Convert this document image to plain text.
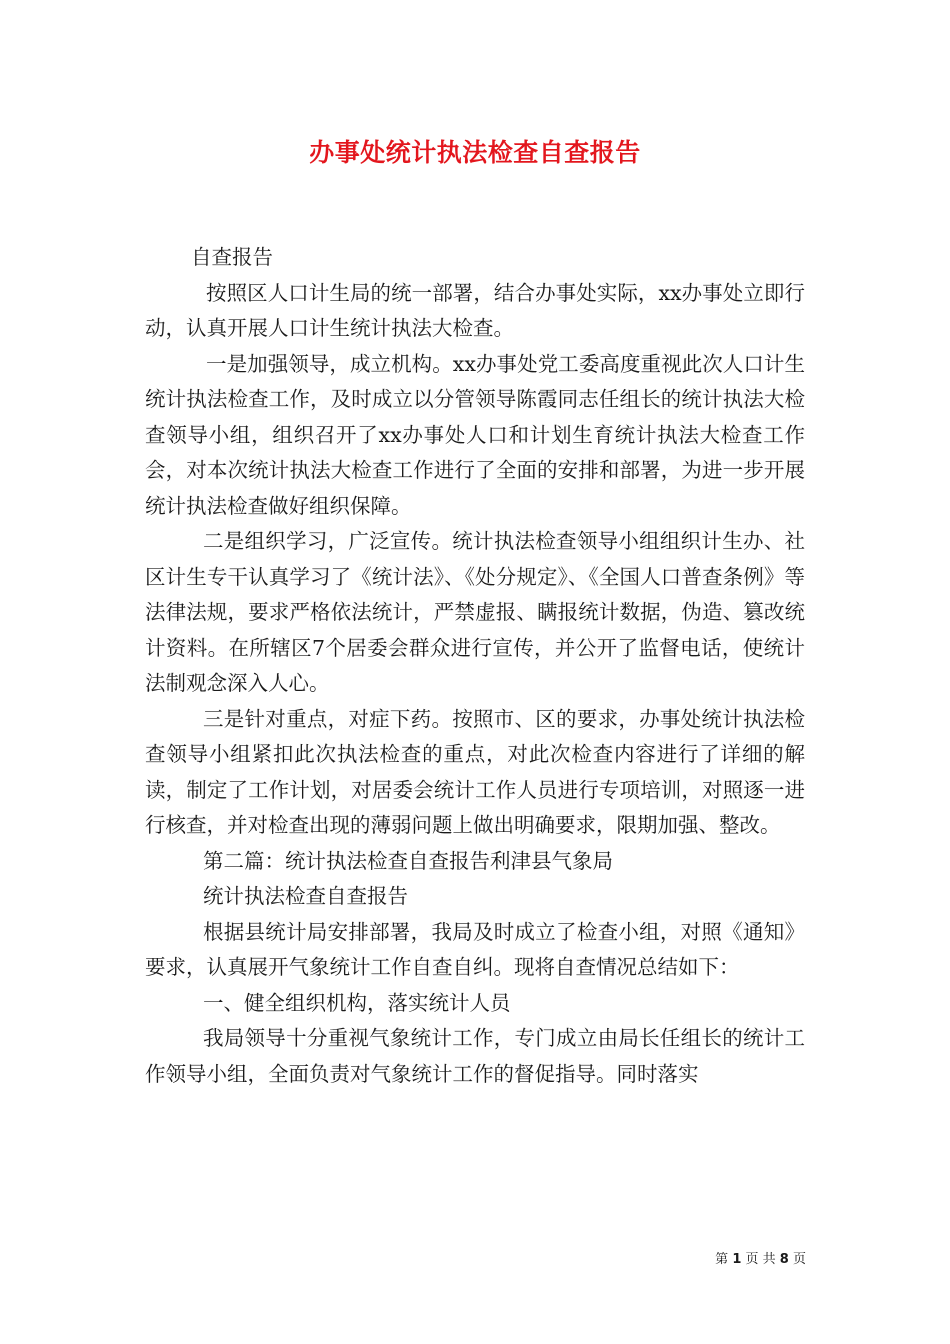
办事处统计执法检查自查报告

自查报告

按照区人口计生局的统一部署，结合办事处实际，xx办事处立即行动，认真开展人口计生统计执法大检查。

一是加强领导，成立机构。xx办事处党工委高度重视此次人口计生统计执法检查工作，及时成立以分管领导陈霞同志任组长的统计执法大检查领导小组，组织召开了xx办事处人口和计划生育统计执法大检查工作会，对本次统计执法大检查工作进行了全面的安排和部署，为进一步开展统计执法检查做好组织保障。

二是组织学习，广泛宣传。统计执法检查领导小组组织计生办、社区计生专干认真学习了《统计法》、《处分规定》、《全国人口普查条例》等法律法规，要求严格依法统计，严禁虚报、瞒报统计数据，伪造、篡改统计资料。在所辖区7个居委会群众进行宣传，并公开了监督电话，使统计法制观念深入人心。

三是针对重点，对症下药。按照市、区的要求，办事处统计执法检查领导小组紧扣此次执法检查的重点，对此次检查内容进行了详细的解读，制定了工作计划，对居委会统计工作人员进行专项培训，对照逐一进行核查，并对检查出现的薄弱问题上做出明确要求，限期加强、整改。

第二篇：统计执法检查自查报告利津县气象局

统计执法检查自查报告

根据县统计局安排部署，我局及时成立了检查小组，对照《通知》要求，认真展开气象统计工作自查自纠。现将自查情况总结如下：

一、健全组织机构，落实统计人员

我局领导十分重视气象统计工作，专门成立由局长任组长的统计工作领导小组，全面负责对气象统计工作的督促指导。同时落实

第 1 页 共 8 页
